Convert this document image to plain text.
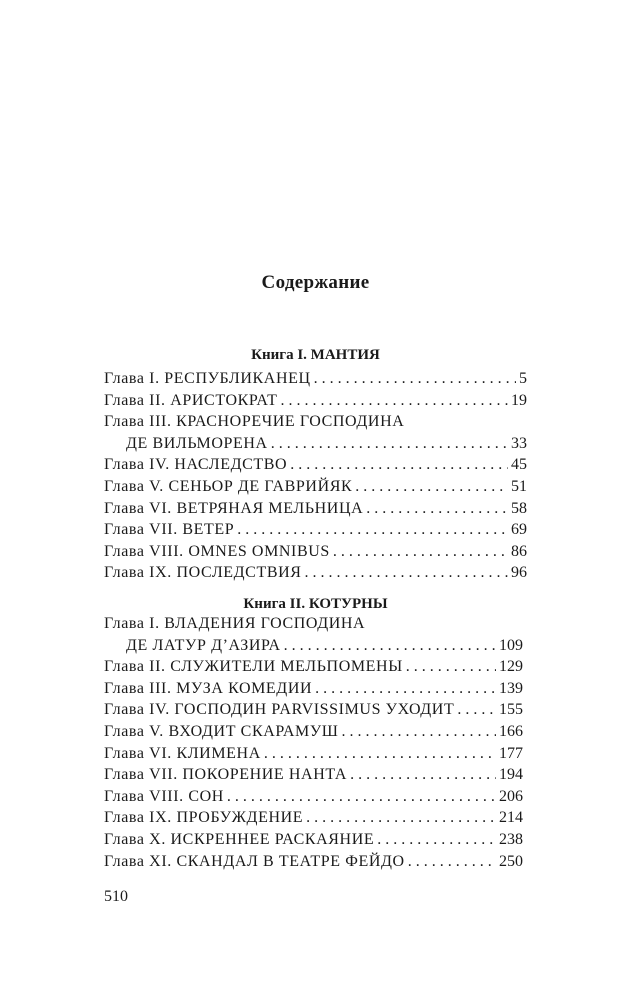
Содержание
Книга I. МАНТИЯ
Глава I. РЕСПУБЛИКАНЕЦ . . .	5
Глава II. АРИСТОКРАТ . . .	19
Глава III. КРАСНОРЕЧИЕ ГОСПОДИНА
ДЕ ВИЛЬМОРЕНА . . .	33
Глава IV. НАСЛЕДСТВО . . .	45
Глава V. СЕНЬОР ДЕ ГАВРИЙЯК . . .	51
Глава VI. ВЕТРЯНАЯ МЕЛЬНИЦА . . .	58
Глава VII. ВЕТЕР . . .	69
Глава VIII. OMNES OMNIBUS . . .	86
Глава IX. ПОСЛЕДСТВИЯ . . .	96
Книга II. КОТУРНЫ
Глава I. ВЛАДЕНИЯ ГОСПОДИНА
ДЕ ЛАТУР Д’АЗИРА . . .	109
Глава II. СЛУЖИТЕЛИ МЕЛЬПОМЕНЫ . . .	129
Глава III. МУЗА КОМЕДИИ . . .	139
Глава IV. ГОСПОДИН PARVISSIMUS УХОДИТ . . .	155
Глава V. ВХОДИТ СКАРАМУШ . . .	166
Глава VI. КЛИМЕНА . . .	177
Глава VII. ПОКОРЕНИЕ НАНТА . . .	194
Глава VIII. СОН . . .	206
Глава IX. ПРОБУЖДЕНИЕ . . .	214
Глава X. ИСКРЕННЕЕ РАСКАЯНИЕ . . .	238
Глава XI. СКАНДАЛ В ТЕАТРЕ ФЕЙДО . . .	250
510
